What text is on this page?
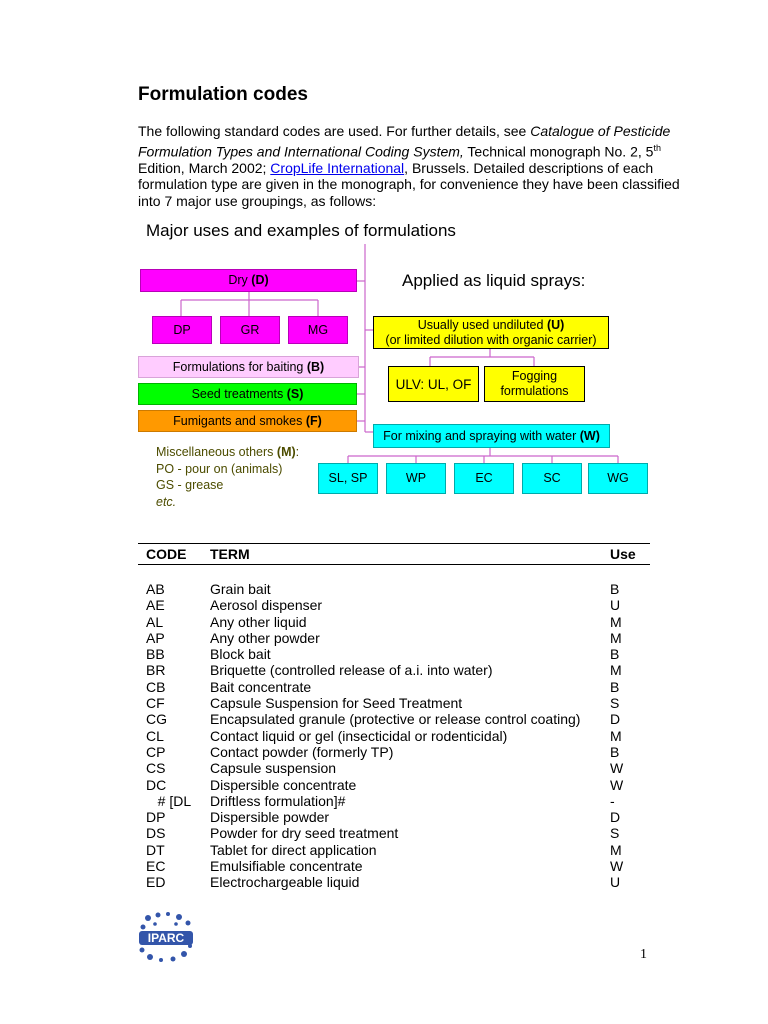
Formulation codes

The following standard codes are used. For further details, see Catalogue of Pesticide Formulation Types and International Coding System, Technical monograph No. 2, 5th Edition, March 2002; CropLife International, Brussels. Detailed descriptions of each formulation type are given in the monograph, for convenience they have been classified into 7 major use groupings, as follows:

Major uses and examples of formulations
Applied as liquid sprays:
Dry (D)
DP	GR	MG
Formulations for baiting (B)
Seed treatments (S)
Fumigants and smokes (F)
Miscellaneous others (M):
PO - pour on (animals)
GS - grease
etc.
Usually used undiluted (U)
(or limited dilution with organic carrier)
ULV: UL, OF
Fogging
formulations
For mixing and spraying with water (W)
SL, SP	WP	EC	SC	WG
CODE	TERM	Use

AB	Grain bait	B
AE	Aerosol dispenser	U
AL	Any other liquid	M
AP	Any other powder	M
BB	Block bait	B
BR	Briquette (controlled release of a.i. into water)	M
CB	Bait concentrate	B
CF	Capsule Suspension for Seed Treatment	S
CG	Encapsulated granule (protective or release control coating)	D
CL	Contact liquid or gel (insecticidal or rodenticidal)	M
CP	Contact powder (formerly TP)	B
CS	Capsule suspension	W
DC	Dispersible concentrate	W
# [DL	Driftless formulation]#	-
DP	Dispersible powder	D
DS	Powder for dry seed treatment	S
DT	Tablet for direct application	M
EC	Emulsifiable concentrate	W
ED	Electrochargeable liquid	U
IPARC
1
